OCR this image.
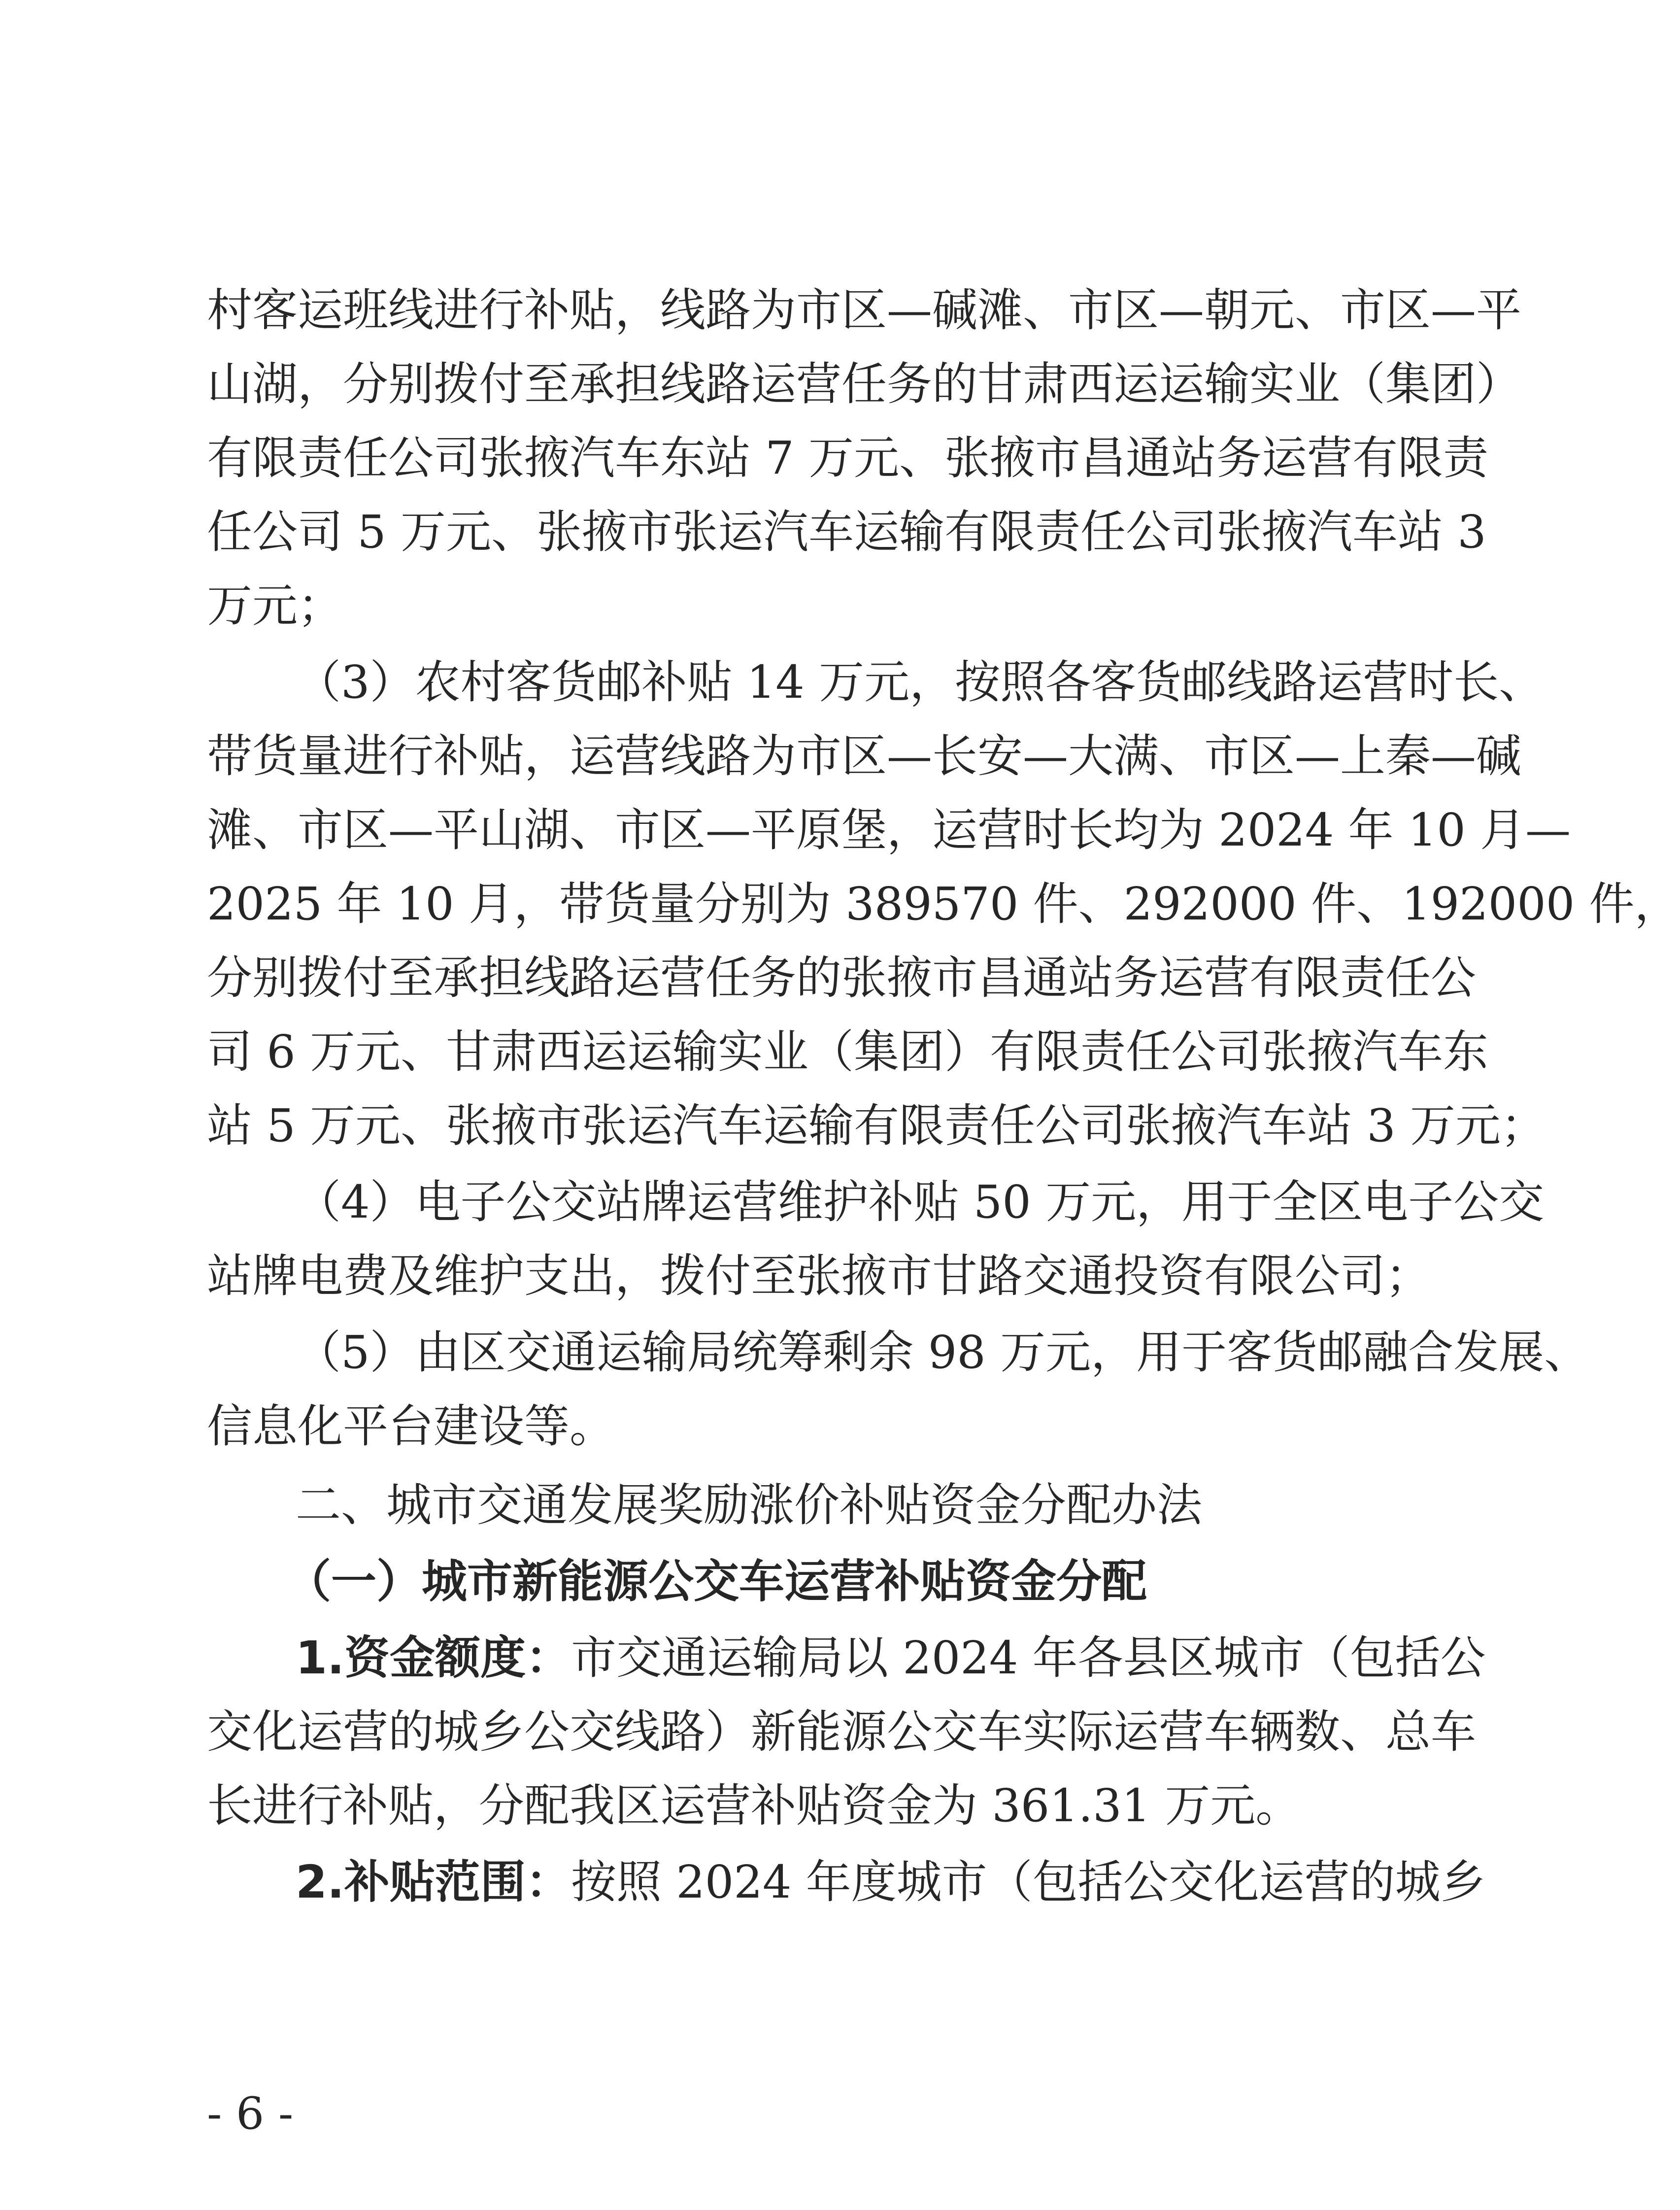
村客运班线进行补贴，线路为市区—碱滩、市区—朝元、市区—平
山湖，分别拨付至承担线路运营任务的甘肃西运运输实业（集团）
有限责任公司张掖汽车东站 7 万元、张掖市昌通站务运营有限责
任公司 5 万元、张掖市张运汽车运输有限责任公司张掖汽车站 3
万元；
（3）农村客货邮补贴 14 万元，按照各客货邮线路运营时长、
带货量进行补贴，运营线路为市区—长安—大满、市区—上秦—碱
滩、市区—平山湖、市区—平原堡，运营时长均为 2024 年 10 月—
2025 年 10 月，带货量分别为 389570 件、292000 件、192000 件，
分别拨付至承担线路运营任务的张掖市昌通站务运营有限责任公
司 6 万元、甘肃西运运输实业（集团）有限责任公司张掖汽车东
站 5 万元、张掖市张运汽车运输有限责任公司张掖汽车站 3 万元；
（4）电子公交站牌运营维护补贴 50 万元，用于全区电子公交
站牌电费及维护支出，拨付至张掖市甘路交通投资有限公司；
（5）由区交通运输局统筹剩余 98 万元，用于客货邮融合发展、
信息化平台建设等。
二、城市交通发展奖励涨价补贴资金分配办法
（一）城市新能源公交车运营补贴资金分配
1.资金额度：市交通运输局以 2024 年各县区城市（包括公
交化运营的城乡公交线路）新能源公交车实际运营车辆数、总车
长进行补贴，分配我区运营补贴资金为 361.31 万元。
2.补贴范围：按照 2024 年度城市（包括公交化运营的城乡
- 6 -
